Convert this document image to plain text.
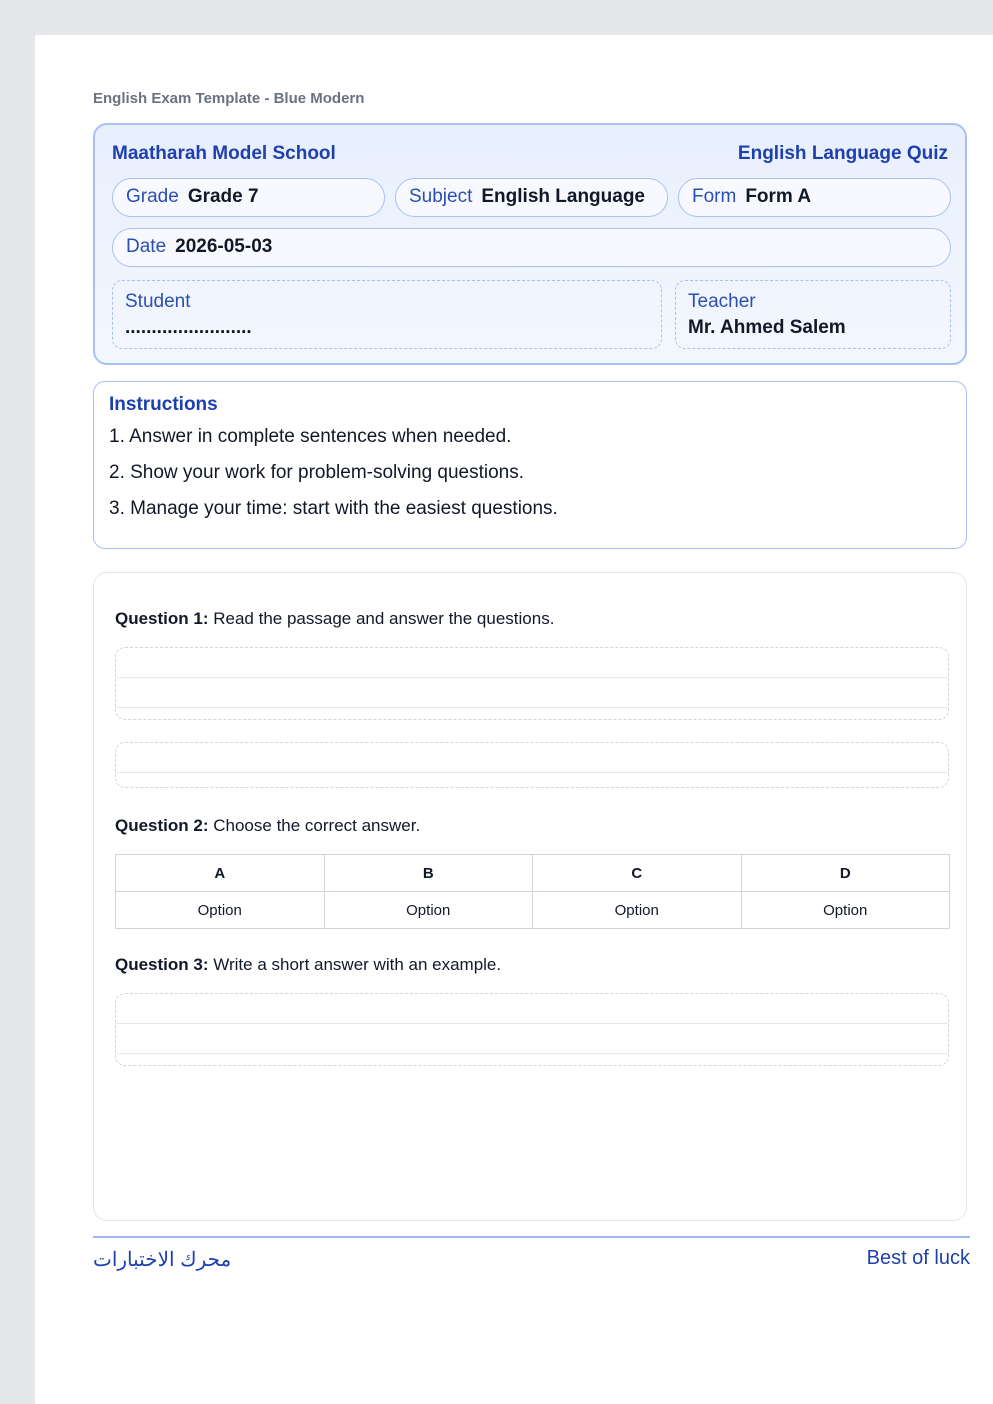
English Exam Template - Blue Modern
Maatharah Model School	English Language Quiz
Grade Grade 7	Subject English Language	Form Form A
Date 2026-05-03
Student
........................
Teacher
Mr. Ahmed Salem
Instructions
1. Answer in complete sentences when needed.
2. Show your work for problem-solving questions.
3. Manage your time: start with the easiest questions.
Question 1: Read the passage and answer the questions.
Question 2: Choose the correct answer.
A	B	C	D
Option	Option	Option	Option
Question 3: Write a short answer with an example.
محرك الاختبارات	Best of luck
